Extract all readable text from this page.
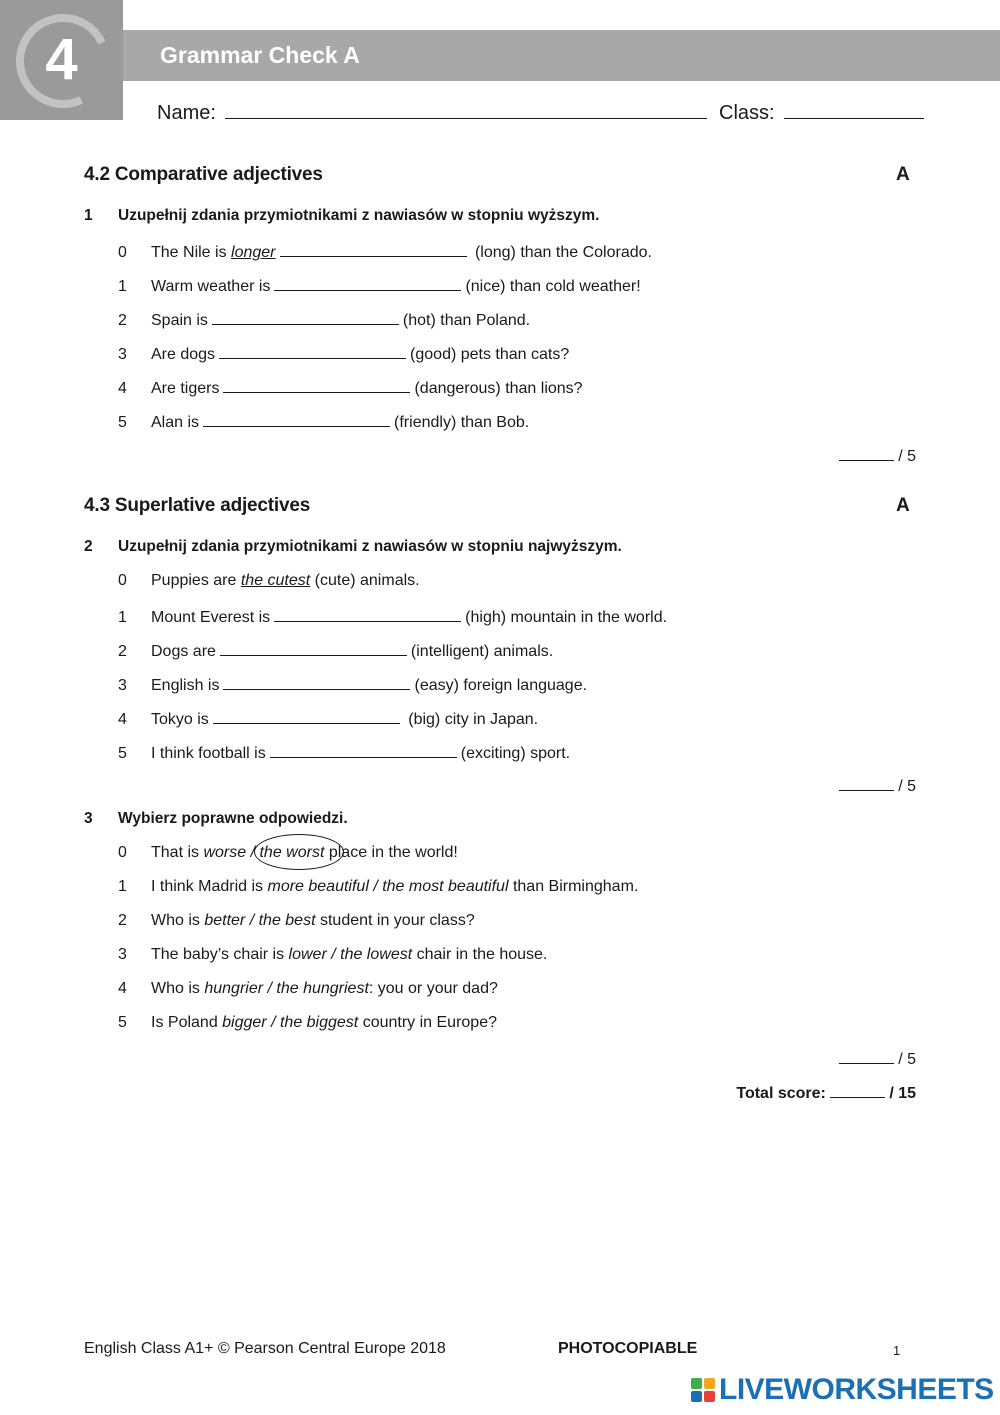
4	Grammar Check A
Name:	Class:
4.2 Comparative adjectives	A
1 Uzupełnij zdania przymiotnikami z nawiasów w stopniu wyższym.
0 The Nile is longer	(long) than the Colorado.
1 Warm weather is	(nice) than cold weather!
2 Spain is	(hot) than Poland.
3 Are dogs	(good) pets than cats?
4 Are tigers	(dangerous) than lions?
5 Alan is	(friendly) than Bob.
/ 5
4.3 Superlative adjectives	A
2 Uzupełnij zdania przymiotnikami z nawiasów w stopniu najwyższym.
0 Puppies are the cutest (cute) animals.
1 Mount Everest is	(high) mountain in the world.
2 Dogs are	(intelligent) animals.
3 English is	(easy) foreign language.
4 Tokyo is	(big) city in Japan.
5 I think football is	(exciting) sport.
/ 5
3 Wybierz poprawne odpowiedzi.
0 That is worse / the worst place in the world!
1 I think Madrid is more beautiful / the most beautiful than Birmingham.
2 Who is better / the best student in your class?
3 The baby’s chair is lower / the lowest chair in the house.
4 Who is hungrier / the hungriest: you or your dad?
5 Is Poland bigger / the biggest country in Europe?
/ 5
Total score:	/ 15
English Class A1+ © Pearson Central Europe 2018	PHOTOCOPIABLE	1
LIVEWORKSHEETS
